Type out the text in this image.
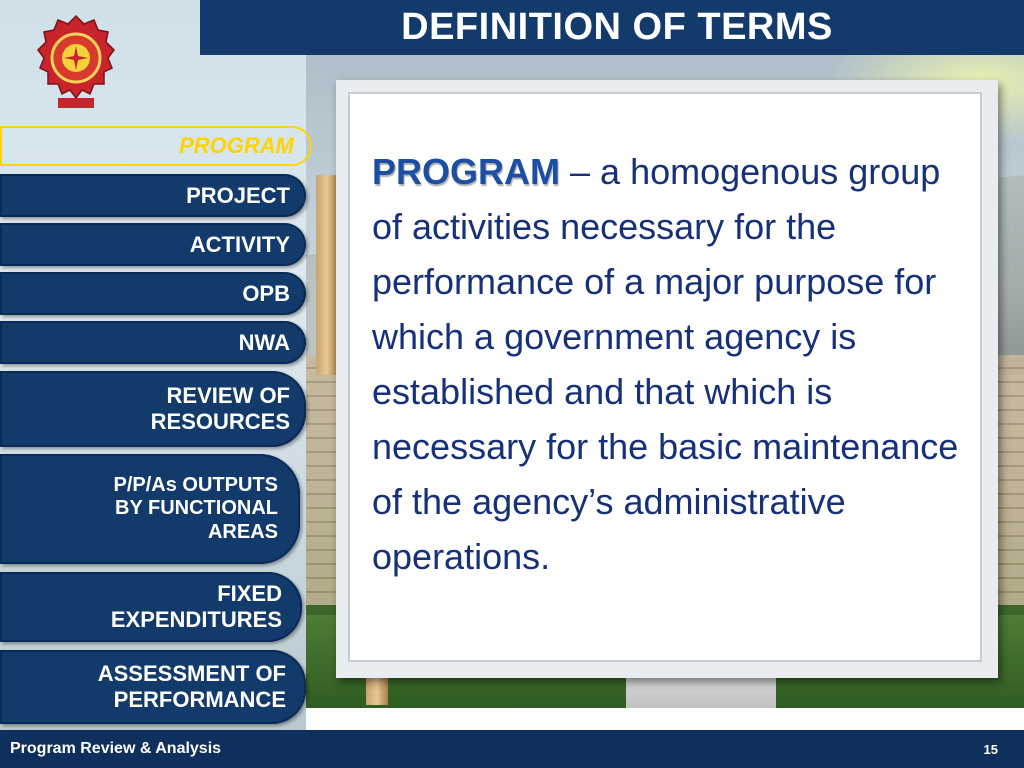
PROGRAM
PROJECT
ACTIVITY
OPB
NWA
REVIEW OF
RESOURCES
P/P/As OUTPUTS
BY FUNCTIONAL
AREAS
FIXED
EXPENDITURES
ASSESSMENT OF
PERFORMANCE
DEFINITION OF TERMS
PROGRAM – a homogenous group of activities necessary for the performance of a major purpose for which a government agency is established and that which is necessary for the basic maintenance of the agency’s administrative operations.
Program Review & Analysis	15
